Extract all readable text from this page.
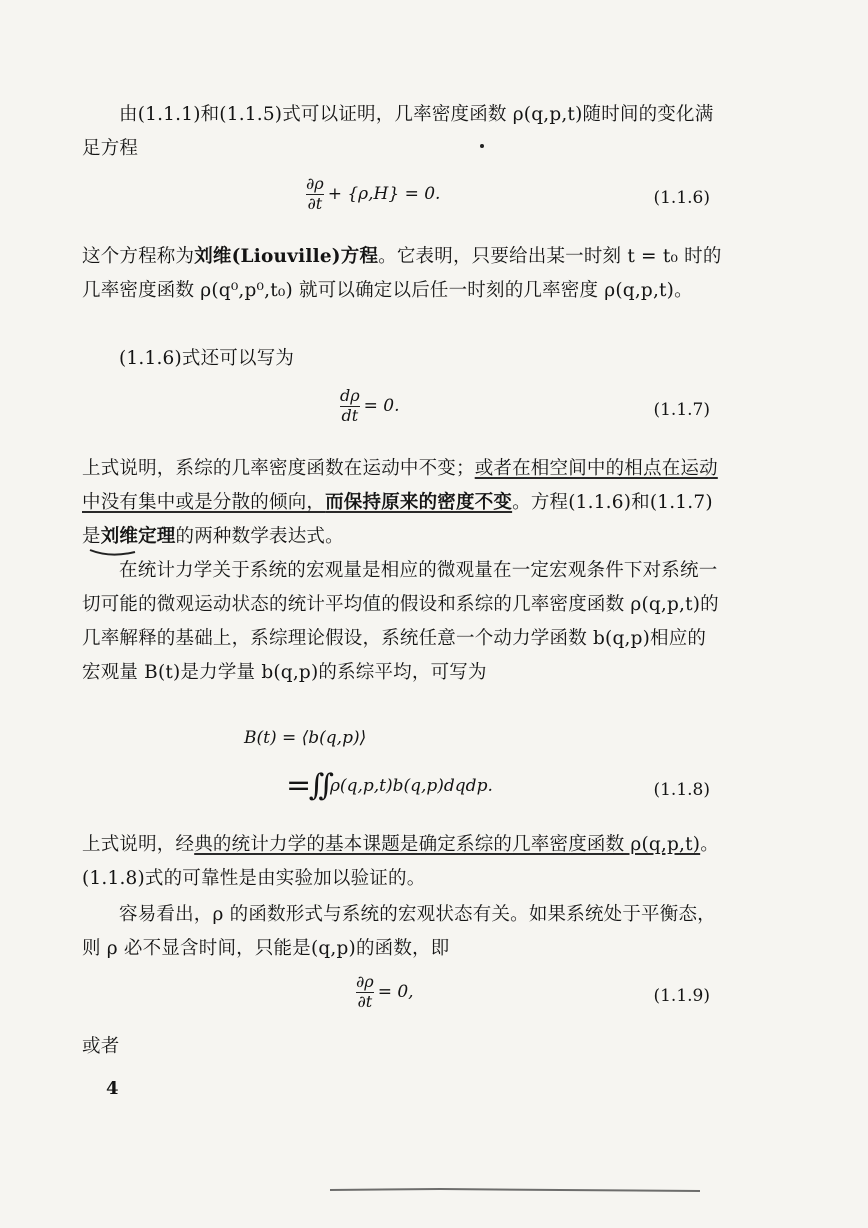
由(1.1.1)和(1.1.5)式可以证明，几率密度函数 ρ(q,p,t)随时间的变化满足方程

$\frac{\partial\rho}{\partial t} + \{\rho,H\} = 0$.	(1.1.6)

这个方程称为刘维(Liouville)方程。它表明，只要给出某一时刻 t = t₀ 时的几率密度函数 ρ(q⁰,p⁰,t₀) 就可以确定以后任一时刻的几率密度 ρ(q,p,t)。

(1.1.6)式还可以写为

$\frac{d\rho}{dt} = 0$.	(1.1.7)

上式说明，系综的几率密度函数在运动中不变；或者在相空间中的相点在运动中没有集中或是分散的倾向，而保持原来的密度不变。方程(1.1.6)和(1.1.7)是刘维定理的两种数学表达式。

在统计力学关于系统的宏观量是相应的微观量在一定宏观条件下对系统一切可能的微观运动状态的统计平均值的假设和系综的几率密度函数 ρ(q,p,t)的几率解释的基础上，系综理论假设，系统任意一个动力学函数 b(q,p)相应的宏观量 B(t)是力学量 b(q,p)的系综平均，可写为

B(t) = ⟨b(q,p)⟩
= ∫∫ ρ(q,p,t)b(q,p)dqdp.	(1.1.8)

上式说明，经典的统计力学的基本课题是确定系综的几率密度函数 ρ(q,p,t)。(1.1.8)式的可靠性是由实验加以验证的。

容易看出，ρ 的函数形式与系统的宏观状态有关。如果系统处于平衡态，则 ρ 必不显含时间，只能是(q,p)的函数，即

$\frac{\partial\rho}{\partial t} = 0$,	(1.1.9)

或者

4
